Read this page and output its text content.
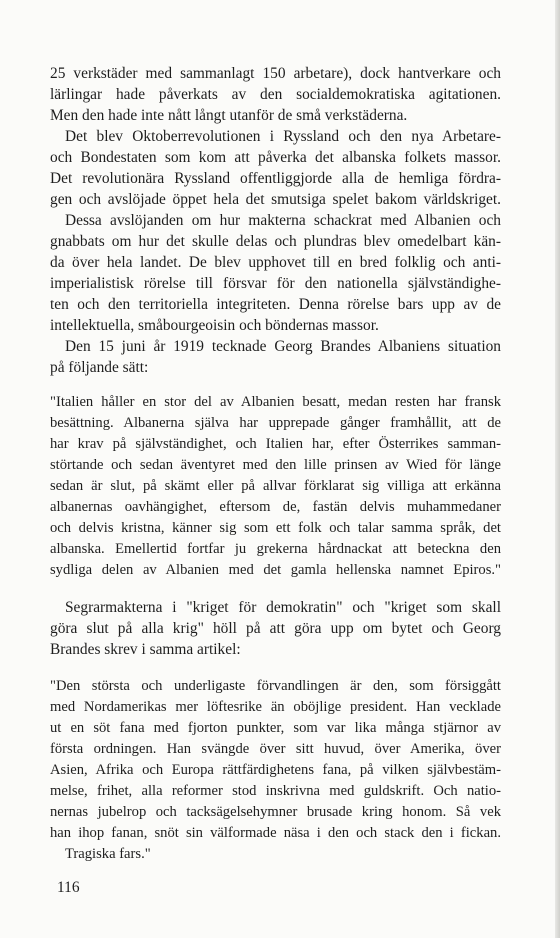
25 verkstäder med sammanlagt 150 arbetare), dock hantverkare och
lärlingar hade påverkats av den socialdemokratiska agitationen.
Men den hade inte nått långt utanför de små verkstäderna.
Det blev Oktoberrevolutionen i Ryssland och den nya Arbetare-
och Bondestaten som kom att påverka det albanska folkets massor.
Det revolutionära Ryssland offentliggjorde alla de hemliga fördra-
gen och avslöjade öppet hela det smutsiga spelet bakom världskriget.
Dessa avslöjanden om hur makterna schackrat med Albanien och
gnabbats om hur det skulle delas och plundras blev omedelbart kän-
da över hela landet. De blev upphovet till en bred folklig och anti-
imperialistisk rörelse till försvar för den nationella självständighe-
ten och den territoriella integriteten. Denna rörelse bars upp av de
intellektuella, småbourgeoisin och böndernas massor.
Den 15 juni år 1919 tecknade Georg Brandes Albaniens situation
på följande sätt:
"Italien håller en stor del av Albanien besatt, medan resten har fransk
besättning. Albanerna själva har upprepade gånger framhållit, att de
har krav på självständighet, och Italien har, efter Österrikes samman-
störtande och sedan äventyret med den lille prinsen av Wied för länge
sedan är slut, på skämt eller på allvar förklarat sig villiga att erkänna
albanernas oavhängighet, eftersom de, fastän delvis muhammedaner
och delvis kristna, känner sig som ett folk och talar samma språk, det
albanska. Emellertid fortfar ju grekerna hårdnackat att beteckna den
sydliga delen av Albanien med det gamla hellenska namnet Epiros."
Segrarmakterna i "kriget för demokratin" och "kriget som skall
göra slut på alla krig" höll på att göra upp om bytet och Georg
Brandes skrev i samma artikel:
"Den största och underligaste förvandlingen är den, som försiggått
med Nordamerikas mer löftesrike än oböjlige president. Han vecklade
ut en söt fana med fjorton punkter, som var lika många stjärnor av
första ordningen. Han svängde över sitt huvud, över Amerika, över
Asien, Afrika och Europa rättfärdighetens fana, på vilken självbestäm-
melse, frihet, alla reformer stod inskrivna med guldskrift. Och natio-
nernas jubelrop och tacksägelsehymner brusade kring honom. Så vek
han ihop fanan, snöt sin välformade näsa i den och stack den i fickan.
Tragiska fars."
116
